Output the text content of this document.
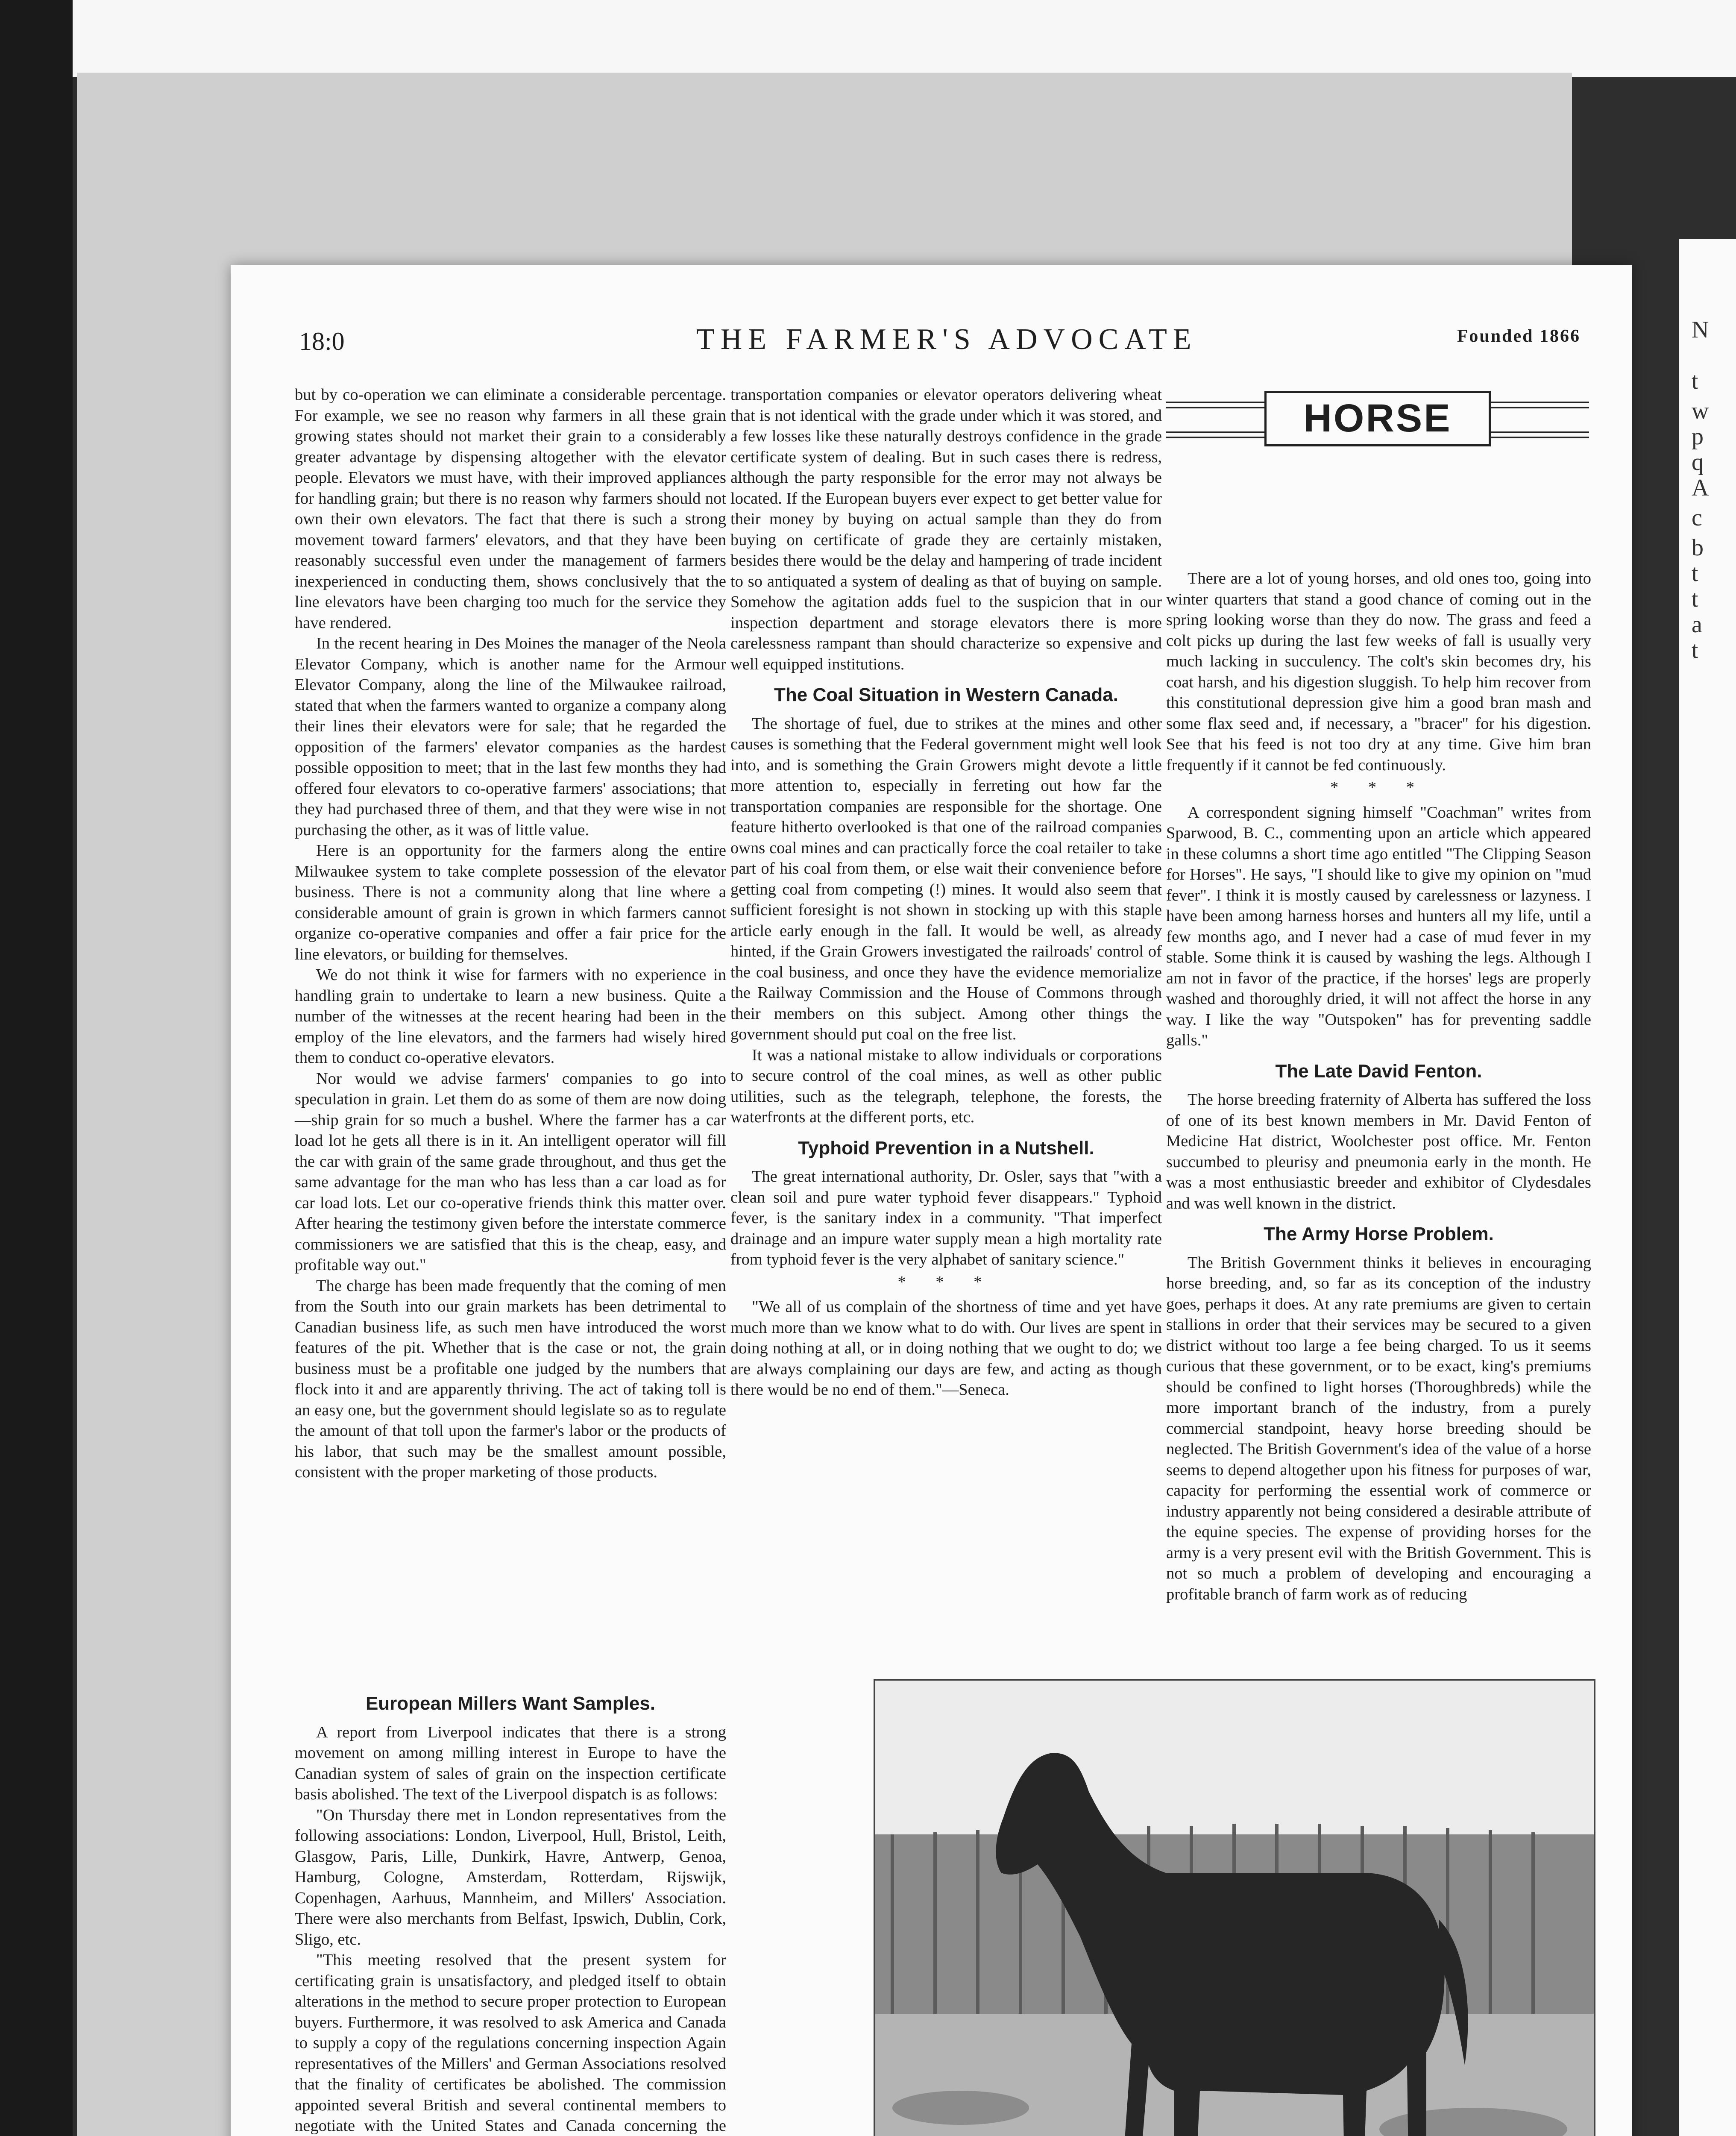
N
t
w
p
q
A
c
b
t
t
a
t
18:0	THE FARMER'S ADVOCATE	Founded 1866

but by co-operation we can eliminate a considerable percentage. For example, we see no reason why farmers in all these grain growing states should not market their grain to a considerably greater advantage by dispensing altogether with the elevator people. Elevators we must have, with their improved appliances for handling grain; but there is no reason why farmers should not own their own elevators. The fact that there is such a strong movement toward farmers' elevators, and that they have been reasonably successful even under the management of farmers inexperienced in conducting them, shows conclusively that the line elevators have been charging too much for the service they have rendered.

In the recent hearing in Des Moines the manager of the Neola Elevator Company, which is another name for the Armour Elevator Company, along the line of the Milwaukee railroad, stated that when the farmers wanted to organize a company along their lines their elevators were for sale; that he regarded the opposition of the farmers' elevator companies as the hardest possible opposition to meet; that in the last few months they had offered four elevators to co-operative farmers' associations; that they had purchased three of them, and that they were wise in not purchasing the other, as it was of little value.

Here is an opportunity for the farmers along the entire Milwaukee system to take complete possession of the elevator business. There is not a community along that line where a considerable amount of grain is grown in which farmers cannot organize co-operative companies and offer a fair price for the line elevators, or building for themselves.

We do not think it wise for farmers with no experience in handling grain to undertake to learn a new business. Quite a number of the witnesses at the recent hearing had been in the employ of the line elevators, and the farmers had wisely hired them to conduct co-operative elevators.

Nor would we advise farmers' companies to go into speculation in grain. Let them do as some of them are now doing—ship grain for so much a bushel. Where the farmer has a car load lot he gets all there is in it. An intelligent operator will fill the car with grain of the same grade throughout, and thus get the same advantage for the man who has less than a car load as for car load lots. Let our co-operative friends think this matter over. After hearing the testimony given before the interstate commerce commissioners we are satisfied that this is the cheap, easy, and profitable way out."

The charge has been made frequently that the coming of men from the South into our grain markets has been detrimental to Canadian business life, as such men have introduced the worst features of the pit. Whether that is the case or not, the grain business must be a profitable one judged by the numbers that flock into it and are apparently thriving. The act of taking toll is an easy one, but the government should legislate so as to regulate the amount of that toll upon the farmer's labor or the products of his labor, that such may be the smallest amount possible, consistent with the proper marketing of those products.

transportation companies or elevator operators delivering wheat that is not identical with the grade under which it was stored, and a few losses like these naturally destroys confidence in the grade certificate system of dealing. But in such cases there is redress, although the party responsible for the error may not always be located. If the European buyers ever expect to get better value for their money by buying on actual sample than they do from buying on certificate of grade they are certainly mistaken, besides there would be the delay and hampering of trade incident to so antiquated a system of dealing as that of buying on sample. Somehow the agitation adds fuel to the suspicion that in our inspection department and storage elevators there is more carelessness rampant than should characterize so expensive and well equipped institutions.

The Coal Situation in Western Canada.

The shortage of fuel, due to strikes at the mines and other causes is something that the Federal government might well look into, and is something the Grain Growers might devote a little more attention to, especially in ferreting out how far the transportation companies are responsible for the shortage. One feature hitherto overlooked is that one of the railroad companies owns coal mines and can practically force the coal retailer to take part of his coal from them, or else wait their convenience before getting coal from competing (!) mines. It would also seem that sufficient foresight is not shown in stocking up with this staple article early enough in the fall. It would be well, as already hinted, if the Grain Growers investigated the railroads' control of the coal business, and once they have the evidence memorialize the Railway Commission and the House of Commons through their members on this subject. Among other things the government should put coal on the free list.

It was a national mistake to allow individuals or corporations to secure control of the coal mines, as well as other public utilities, such as the telegraph, telephone, the forests, the waterfronts at the different ports, etc.

Typhoid Prevention in a Nutshell.

The great international authority, Dr. Osler, says that "with a clean soil and pure water typhoid fever disappears." Typhoid fever, is the sanitary index in a community. "That imperfect drainage and an impure water supply mean a high mortality rate from typhoid fever is the very alphabet of sanitary science."

* * *

"We all of us complain of the shortness of time and yet have much more than we know what to do with. Our lives are spent in doing nothing at all, or in doing nothing that we ought to do; we are always complaining our days are few, and acting as though there would be no end of them."—Seneca.

HORSE

There are a lot of young horses, and old ones too, going into winter quarters that stand a good chance of coming out in the spring looking worse than they do now. The grass and feed a colt picks up during the last few weeks of fall is usually very much lacking in succulency. The colt's skin becomes dry, his coat harsh, and his digestion sluggish. To help him recover from this constitutional depression give him a good bran mash and some flax seed and, if necessary, a "bracer" for his digestion. See that his feed is not too dry at any time. Give him bran frequently if it cannot be fed continuously.

* * *

A correspondent signing himself "Coachman" writes from Sparwood, B. C., commenting upon an article which appeared in these columns a short time ago entitled "The Clipping Season for Horses". He says, "I should like to give my opinion on "mud fever". I think it is mostly caused by carelessness or lazyness. I have been among harness horses and hunters all my life, until a few months ago, and I never had a case of mud fever in my stable. Some think it is caused by washing the legs. Although I am not in favor of the practice, if the horses' legs are properly washed and thoroughly dried, it will not affect the horse in any way. I like the way "Outspoken" has for preventing saddle galls."

The Late David Fenton.

The horse breeding fraternity of Alberta has suffered the loss of one of its best known members in Mr. David Fenton of Medicine Hat district, Woolchester post office. Mr. Fenton succumbed to pleurisy and pneumonia early in the month. He was a most enthusiastic breeder and exhibitor of Clydesdales and was well known in the district.

The Army Horse Problem.

The British Government thinks it believes in encouraging horse breeding, and, so far as its conception of the industry goes, perhaps it does. At any rate premiums are given to certain stallions in order that their services may be secured to a given district without too large a fee being charged. To us it seems curious that these government, or to be exact, king's premiums should be confined to light horses (Thoroughbreds) while the more important branch of the industry, from a purely commercial standpoint, heavy horse breeding should be neglected. The British Government's idea of the value of a horse seems to depend altogether upon his fitness for purposes of war, capacity for performing the essential work of commerce or industry apparently not being considered a desirable attribute of the equine species. The expense of providing horses for the army is a very present evil with the British Government. This is not so much a problem of developing and encouraging a profitable branch of farm work as of reducing

European Millers Want Samples.

A report from Liverpool indicates that there is a strong movement on among milling interest in Europe to have the Canadian system of sales of grain on the inspection certificate basis abolished. The text of the Liverpool dispatch is as follows:

"On Thursday there met in London representatives from the following associations: London, Liverpool, Hull, Bristol, Leith, Glasgow, Paris, Lille, Dunkirk, Havre, Antwerp, Genoa, Hamburg, Cologne, Amsterdam, Rotterdam, Rijswijk, Copenhagen, Aarhuus, Mannheim, and Millers' Association. There were also merchants from Belfast, Ipswich, Dublin, Cork, Sligo, etc.

"This meeting resolved that the present system for certificating grain is unsatisfactory, and pledged itself to obtain alterations in the method to secure proper protection to European buyers. Furthermore, it was resolved to ask America and Canada to supply a copy of the regulations concerning inspection Again representatives of the Millers' and German Associations resolved that the finality of certificates be abolished. The commission appointed several British and several continental members to negotiate with the United States and Canada concerning the
